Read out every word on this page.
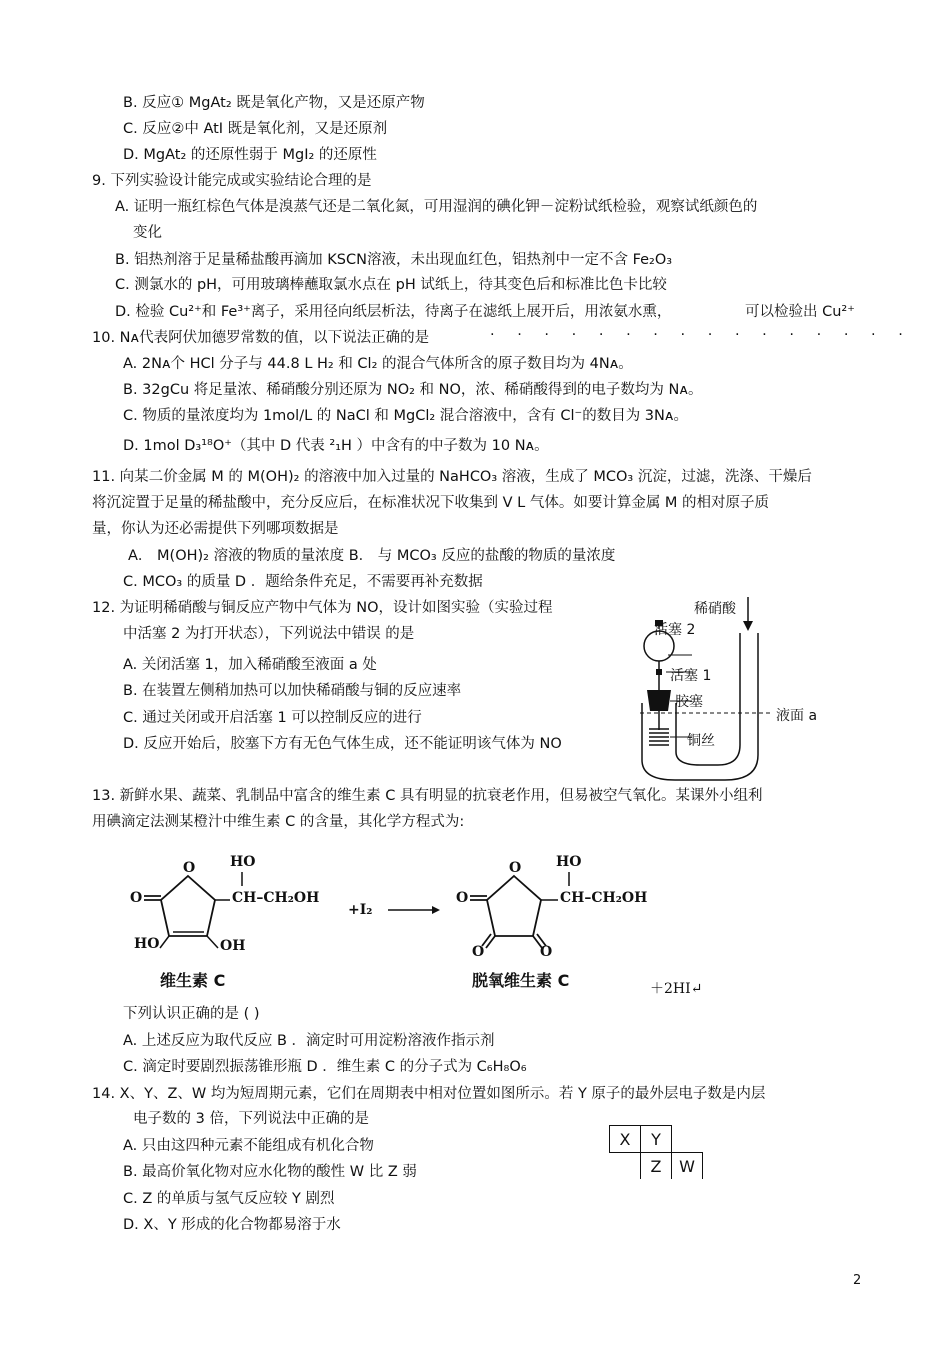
B. 反应① MgAt₂ 既是氧化产物，又是还原产物
C. 反应②中 AtI 既是氧化剂，又是还原剂
D. MgAt₂ 的还原性弱于 MgI₂ 的还原性
9. 下列实验设计能完成或实验结论合理的是
A. 证明一瓶红棕色气体是溴蒸气还是二氧化氮，可用湿润的碘化钾－淀粉试纸检验，观察试纸颜色的
变化
B. 铝热剂溶于足量稀盐酸再滴加 KSCN溶液，未出现血红色，铝热剂中一定不含 Fe₂O₃
C. 测氯水的 pH，可用玻璃棒蘸取氯水点在 pH 试纸上，待其变色后和标准比色卡比较
D. 检验 Cu²⁺和 Fe³⁺离子，采用径向纸层析法，待离子在滤纸上展开后，用浓氨水熏，	可以检验出 Cu²⁺
10. Nᴀ代表阿伏加德罗常数的值，以下说法正确的是	· · · · · · · · · · · · · · · ·
A. 2Nᴀ个 HCl 分子与 44.8 L H₂ 和 Cl₂ 的混合气体所含的原子数目均为 4Nᴀ。
B. 32gCu 将足量浓、稀硝酸分别还原为 NO₂ 和 NO，浓、稀硝酸得到的电子数均为 Nᴀ。
C. 物质的量浓度均为 1mol/L 的 NaCl 和 MgCl₂ 混合溶液中，含有 Cl⁻的数目为 3Nᴀ。
D. 1mol D₃¹⁸O⁺（其中 D 代表 ²₁H ）中含有的中子数为 10 Nᴀ。
11. 向某二价金属 M 的 M(OH)₂ 的溶液中加入过量的 NaHCO₃ 溶液，生成了 MCO₃ 沉淀，过滤，洗涤、干燥后
将沉淀置于足量的稀盐酸中，充分反应后，在标准状况下收集到 V L 气体。如要计算金属 M 的相对原子质
量，你认为还必需提供下列哪项数据是
A． M(OH)₂ 溶液的物质的量浓度 B． 与 MCO₃ 反应的盐酸的物质的量浓度
C. MCO₃ 的质量 D ．题给条件充足，不需要再补充数据
12. 为证明稀硝酸与铜反应产物中气体为 NO，设计如图实验（实验过程
中活塞 2 为打开状态），下列说法中错误 的是
A. 关闭活塞 1，加入稀硝酸至液面 a 处
B. 在装置左侧稍加热可以加快稀硝酸与铜的反应速率
C. 通过关闭或开启活塞 1 可以控制反应的进行
D. 反应开始后，胶塞下方有无色气体生成，还不能证明该气体为 NO
13. 新鲜水果、蔬菜、乳制品中富含的维生素 C 具有明显的抗衰老作用，但易被空气氧化。某课外小组利
用碘滴定法测某橙汁中维生素 C 的含量，其化学方程式为:
下列认识正确的是 ( )
A. 上述反应为取代反应 B ．滴定时可用淀粉溶液作指示剂
C. 滴定时要剧烈振荡锥形瓶 D ．维生素 C 的分子式为 C₆H₈O₆
14. X、Y、Z、W 均为短周期元素，它们在周期表中相对位置如图所示。若 Y 原子的最外层电子数是内层
电子数的 3 倍，下列说法中正确的是
A. 只由这四种元素不能组成有机化合物
B. 最高价氧化物对应水化物的酸性 W 比 Z 弱
C. Z 的单质与氢气反应较 Y 剧烈
D. X、Y 形成的化合物都易溶于水
稀硝酸
活塞 2
活塞 1
胶塞
液面 a
铜丝
HO
CH–CH₂OH
O
O
HO	OH
HO
CH–CH₂OH
O
O
O	O
+I₂
维生素 C	脱氧维生素 C	＋2HI↵
X	Y	
	Z	W
2
